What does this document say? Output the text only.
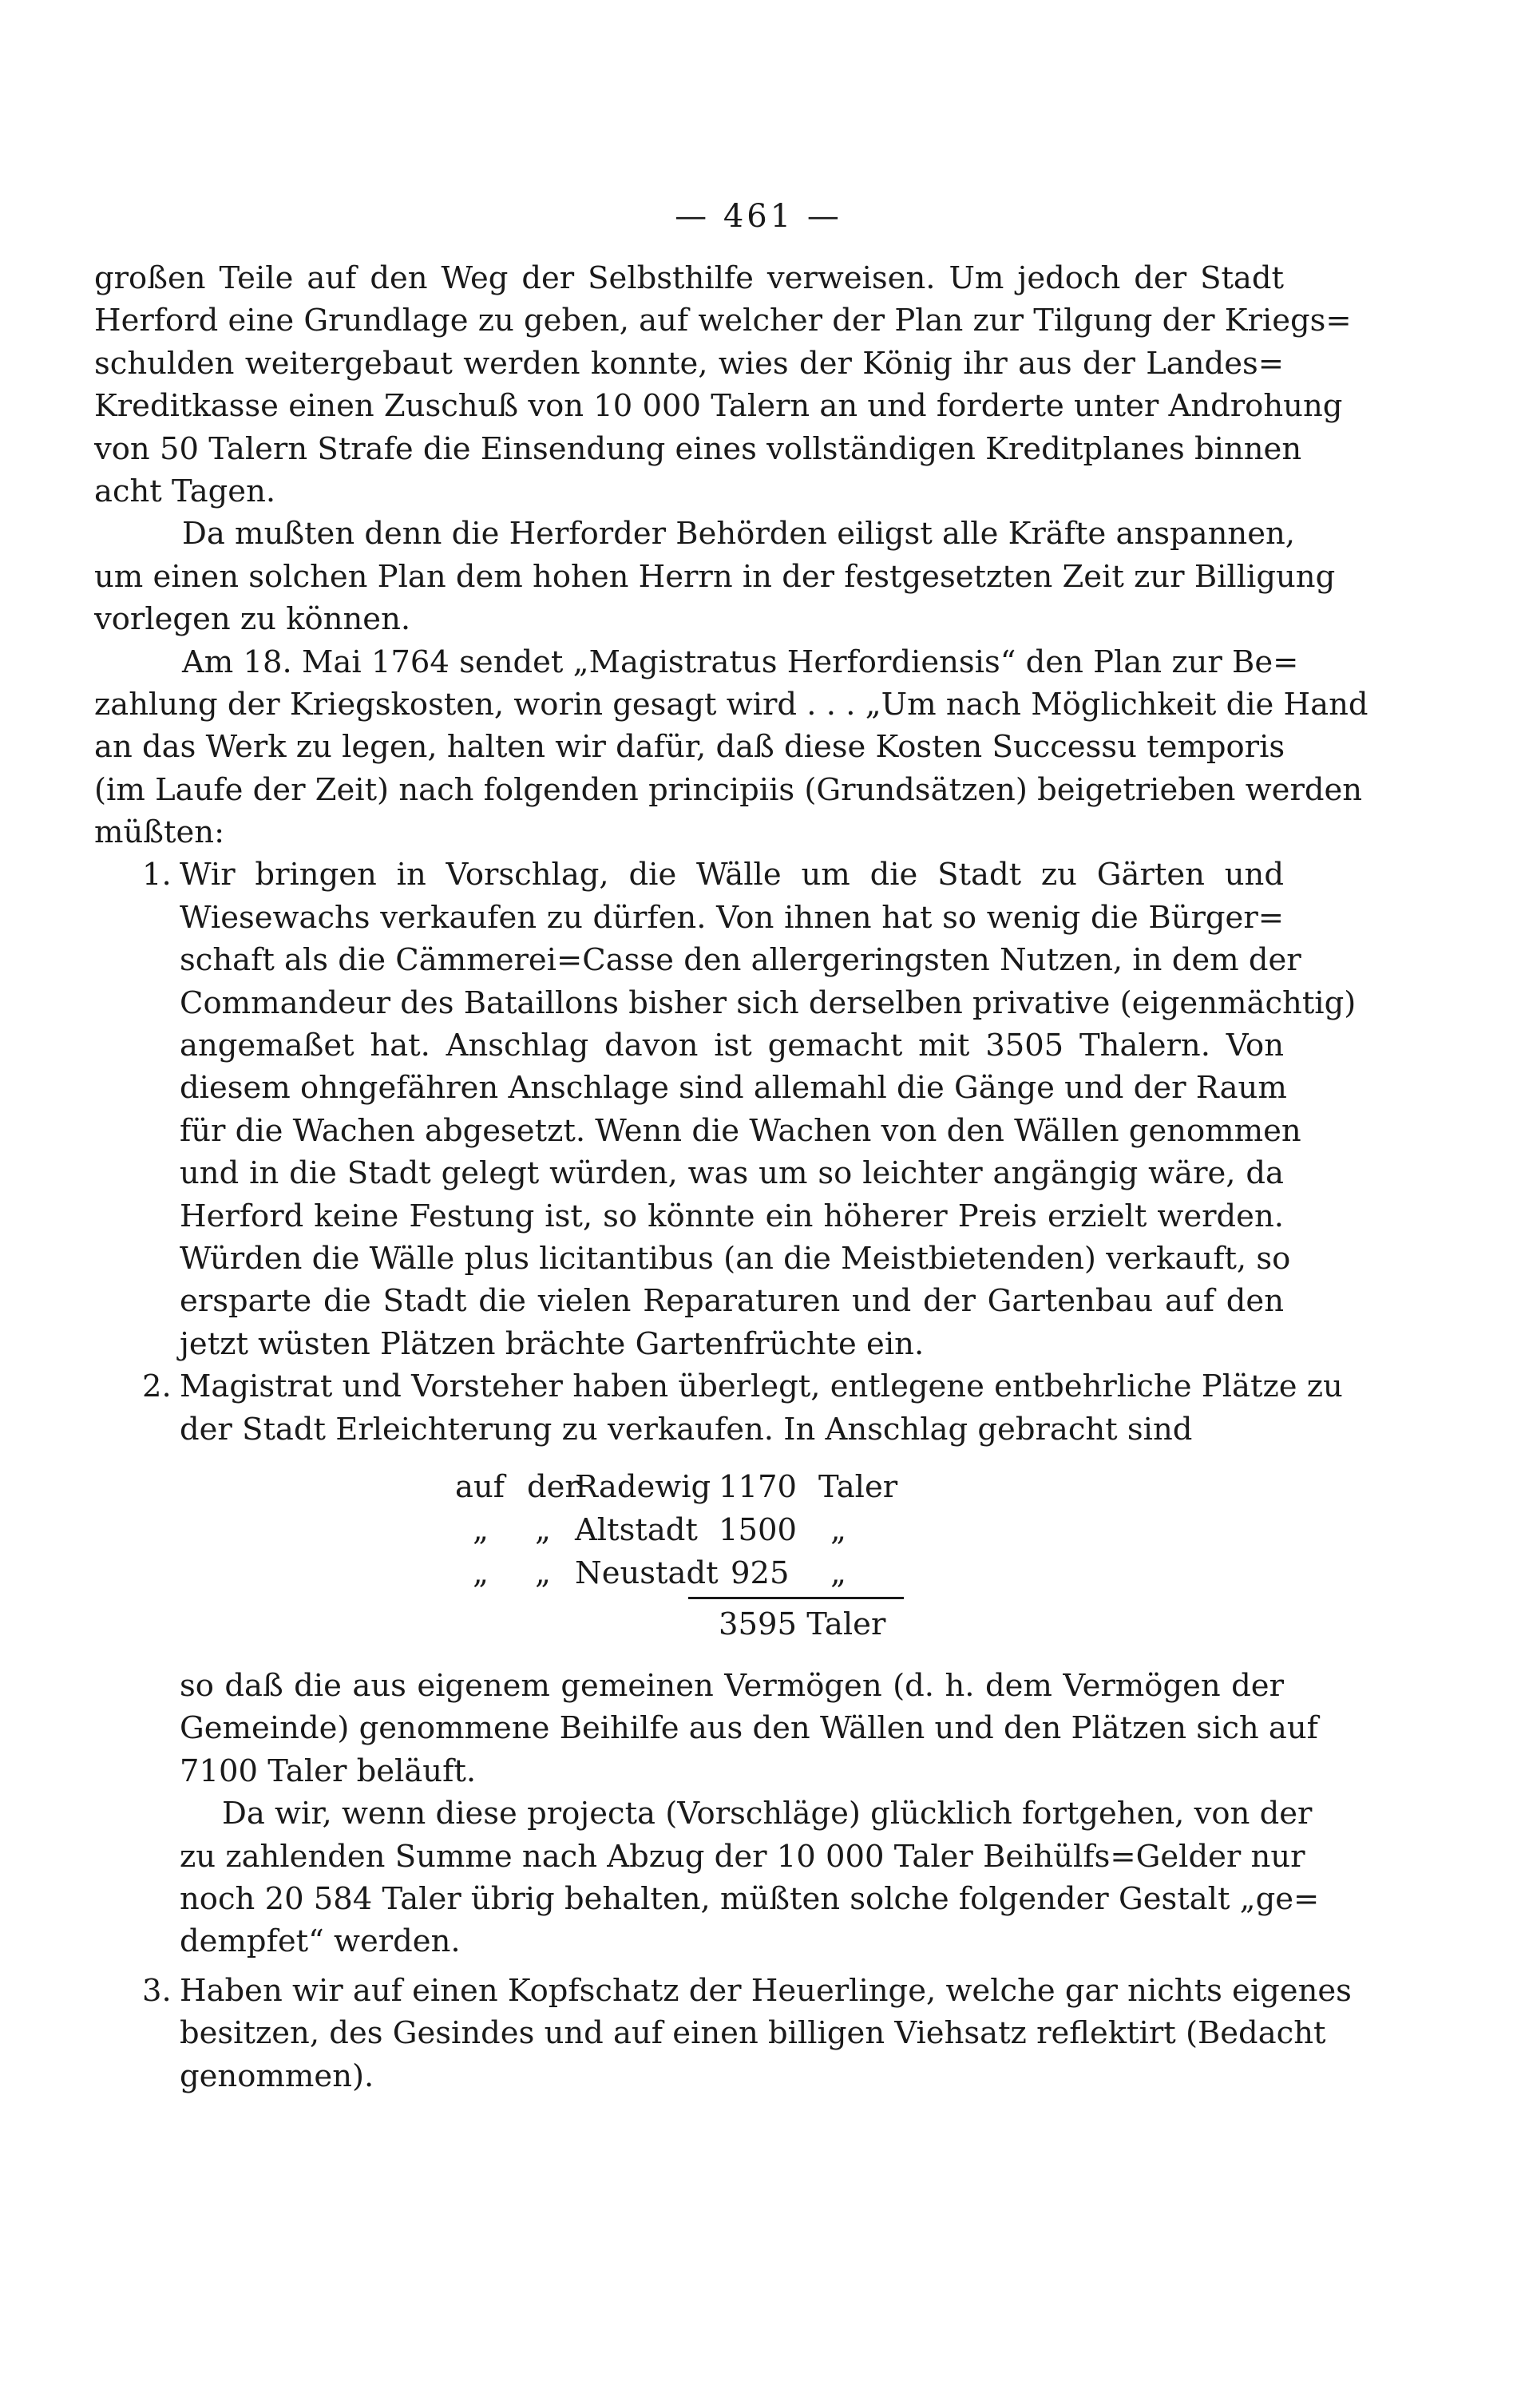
— 461 —
großen Teile auf den Weg der Selbsthilfe verweisen. Um jedoch der Stadt
Herford eine Grundlage zu geben, auf welcher der Plan zur Tilgung der Kriegs=
schulden weitergebaut werden konnte, wies der König ihr aus der Landes=
Kreditkasse einen Zuschuß von 10 000 Talern an und forderte unter Androhung
von 50 Talern Strafe die Einsendung eines vollständigen Kreditplanes binnen
acht Tagen.
Da mußten denn die Herforder Behörden eiligst alle Kräfte anspannen,
um einen solchen Plan dem hohen Herrn in der festgesetzten Zeit zur Billigung
vorlegen zu können.
Am 18. Mai 1764 sendet „Magistratus Herfordiensis“ den Plan zur Be=
zahlung der Kriegskosten, worin gesagt wird . . . „Um nach Möglichkeit die Hand
an das Werk zu legen, halten wir dafür, daß diese Kosten Successu temporis
(im Laufe der Zeit) nach folgenden principiis (Grundsätzen) beigetrieben werden
müßten:
1. Wir bringen in Vorschlag, die Wälle um die Stadt zu Gärten und
Wiesewachs verkaufen zu dürfen. Von ihnen hat so wenig die Bürger=
schaft als die Cämmerei=Casse den allergeringsten Nutzen, in dem der
Commandeur des Bataillons bisher sich derselben privative (eigenmächtig)
angemaßet hat. Anschlag davon ist gemacht mit 3505 Thalern. Von
diesem ohngefähren Anschlage sind allemahl die Gänge und der Raum
für die Wachen abgesetzt. Wenn die Wachen von den Wällen genommen
und in die Stadt gelegt würden, was um so leichter angängig wäre, da
Herford keine Festung ist, so könnte ein höherer Preis erzielt werden.
Würden die Wälle plus licitantibus (an die Meistbietenden) verkauft, so
ersparte die Stadt die vielen Reparaturen und der Gartenbau auf den
jetzt wüsten Plätzen brächte Gartenfrüchte ein.
2. Magistrat und Vorsteher haben überlegt, entlegene entbehrliche Plätze zu
der Stadt Erleichterung zu verkaufen. In Anschlag gebracht sind
auf der
Radewig 1170 Taler
„ „ Altstadt 1500 „
„ „ Neustadt 925 „
3595 Taler
so daß die aus eigenem gemeinen Vermögen (d. h. dem Vermögen der
Gemeinde) genommene Beihilfe aus den Wällen und den Plätzen sich auf
7100 Taler beläuft.
Da wir, wenn diese projecta (Vorschläge) glücklich fortgehen, von der
zu zahlenden Summe nach Abzug der 10 000 Taler Beihülfs=Gelder nur
noch 20 584 Taler übrig behalten, müßten solche folgender Gestalt „ge=
dempfet“ werden.
3. Haben wir auf einen Kopfschatz der Heuerlinge, welche gar nichts eigenes
besitzen, des Gesindes und auf einen billigen Viehsatz reflektirt (Bedacht
genommen).
